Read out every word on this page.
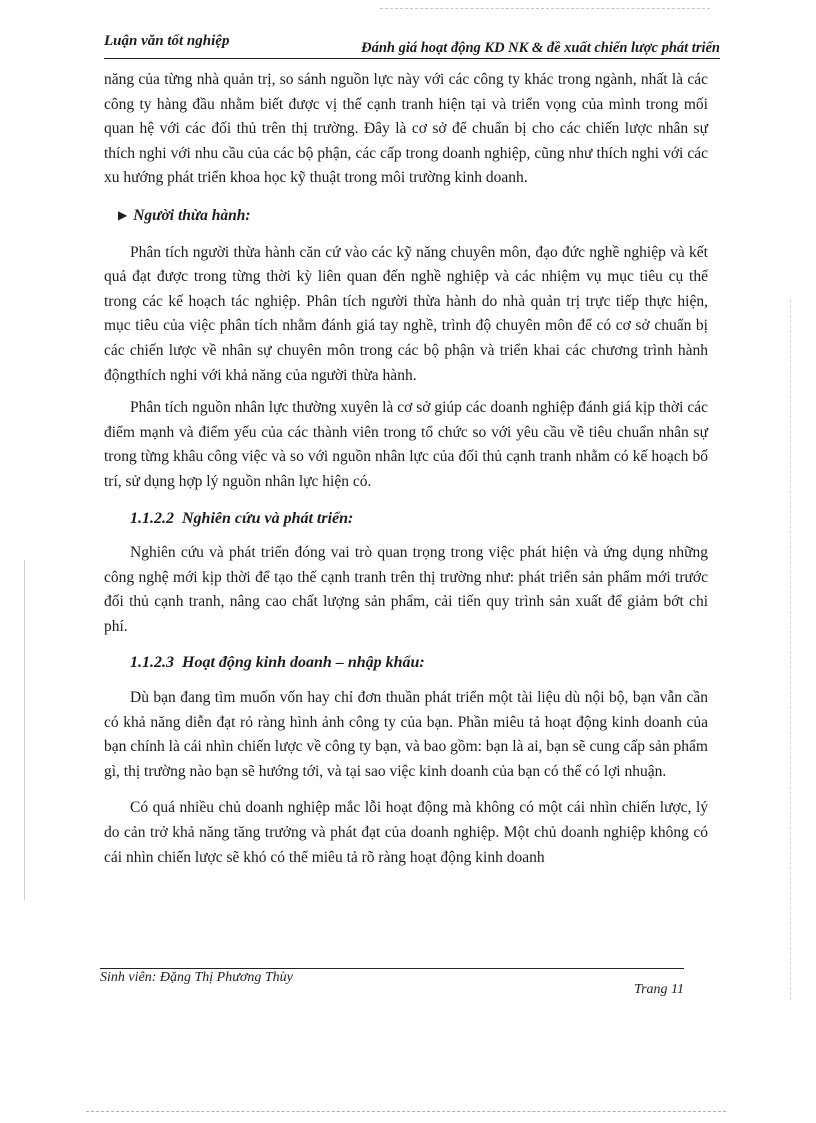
Luận văn tốt nghiệp	Đánh giá hoạt động KD NK & đề xuất chiến lược phát triển

năng của từng nhà quản trị, so sánh nguồn lực này với các công ty khác trong ngành, nhất là các công ty hàng đầu nhằm biết được vị thế cạnh tranh hiện tại và triển vọng của mình trong mối quan hệ với các đối thủ trên thị trường. Đây là cơ sở để chuẩn bị cho các chiến lược nhân sự thích nghi với nhu cầu của các bộ phận, các cấp trong doanh nghiệp, cũng như thích nghi với các xu hướng phát triển khoa học kỹ thuật trong môi trường kinh doanh.

▶ Người thừa hành:

Phân tích người thừa hành căn cứ vào các kỹ năng chuyên môn, đạo đức nghề nghiệp và kết quả đạt được trong từng thời kỳ liên quan đến nghề nghiệp và các nhiệm vụ mục tiêu cụ thể trong các kế hoạch tác nghiệp. Phân tích người thừa hành do nhà quản trị trực tiếp thực hiện, mục tiêu của việc phân tích nhằm đánh giá tay nghề, trình độ chuyên môn để có cơ sở chuẩn bị các chiến lược về nhân sự chuyên môn trong các bộ phận và triển khai các chương trình hành độngthích nghi với khả năng của người thừa hành.

Phân tích nguồn nhân lực thường xuyên là cơ sở giúp các doanh nghiệp đánh giá kịp thời các điểm mạnh và điểm yếu của các thành viên trong tổ chức so với yêu cầu về tiêu chuẩn nhân sự trong từng khâu công việc và so với nguồn nhân lực của đối thủ cạnh tranh nhằm có kế hoạch bố trí, sử dụng hợp lý nguồn nhân lực hiện có.

1.1.2.2 Nghiên cứu và phát triển:

Nghiên cứu và phát triển đóng vai trò quan trọng trong việc phát hiện và ứng dụng những công nghệ mới kịp thời để tạo thế cạnh tranh trên thị trường như: phát triển sản phẩm mới trước đối thủ cạnh tranh, nâng cao chất lượng sản phẩm, cải tiến quy trình sản xuất để giảm bớt chi phí.

1.1.2.3 Hoạt động kinh doanh – nhập khẩu:

Dù bạn đang tìm muốn vốn hay chỉ đơn thuần phát triển một tài liệu dù nội bộ, bạn vẫn cần có khả năng diễn đạt rỏ ràng hình ảnh công ty của bạn. Phần miêu tả hoạt động kinh doanh của bạn chính là cái nhìn chiến lược về công ty bạn, và bao gồm: bạn là ai, bạn sẽ cung cấp sản phẩm gì, thị trường nào bạn sẽ hướng tới, và tại sao việc kinh doanh của bạn có thể có lợi nhuận.

Có quá nhiều chủ doanh nghiệp mắc lỗi hoạt động mà không có một cái nhìn chiến lược, lý do cản trở khả năng tăng trưởng và phát đạt của doanh nghiệp. Một chủ doanh nghiệp không có cái nhìn chiến lược sẽ khó có thể miêu tả rõ ràng hoạt động kinh doanh

Sinh viên: Đặng Thị Phương Thùy
Trang 11
